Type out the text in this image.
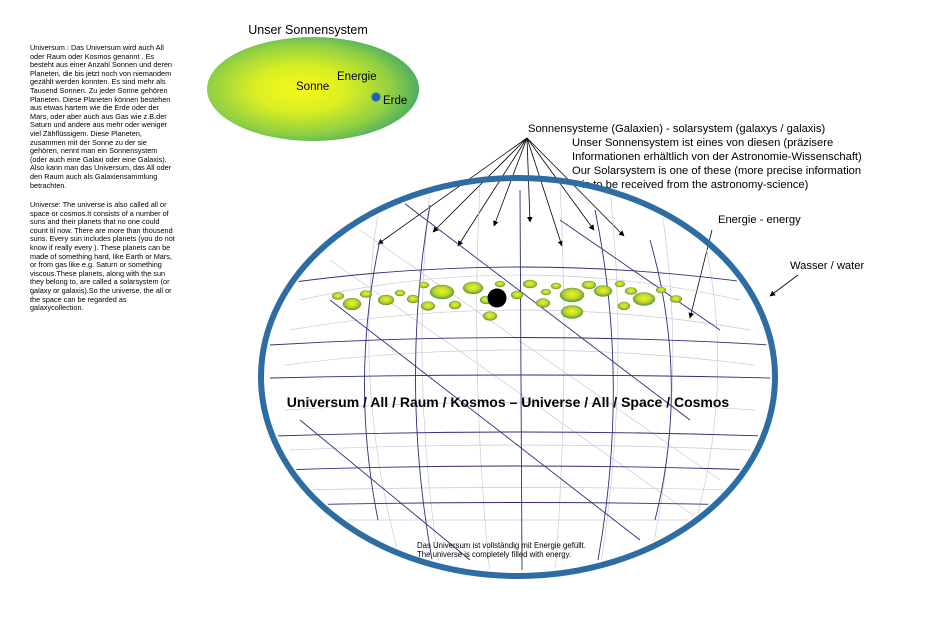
Universum : Das Universum wird auch All
oder Raum oder Kosmos genannt . Es
besteht aus einer Anzahl Sonnen und deren
Planeten, die bis jetzt noch von niemandem
gezählt werden konnten. Es sind mehr als
Tausend Sonnen. Zu jeder Sonne gehören
Planeten. Diese Planeten können bestehen
aus etwas hartem wie die Erde oder der
Mars, oder aber auch aus Gas wie z.B.der
Saturn und andere aus mehr oder weniger
viel Zähflüssigem. Diese Planeten,
zusammen mit der Sonne zu der sie
gehören, nennt man ein Sonnensystem
(oder auch eine Galaxi oder eine Galaxis).
Also kann man das Universum, das All oder
den Raum auch als Galaxiensammlung
betrachten.
Universe: The universe is also called all or
space or cosmos.It consists of a number of
suns and their planets that no one could
count til now. There are more than thousend
suns. Every sun includes planets (you do not
know if really every ). These planets can be
made of something hard, like Earth or Mars,
or from gas like e.g. Saturn or something
viscous.These planets, along with the sun
they belong to, are called a solarsystem (or
galaxy or galaxis).So the universe, the all or
the space can be regarded as
galaxycollection.
Unser Sonnensystem
Sonne
Energie
Erde
Sonnensysteme (Galaxien) - solarsystem (galaxys / galaxis)
Unser Sonnensystem ist eines von diesen (präzisere
Informationen erhältlich von der Astronomie-Wissenschaft)
Our Solarsystem is one of these (more precise information
is to be received from the astronomy-science)
Energie - energy
Wasser / water
Universum / All / Raum / Kosmos – Universe / All / Space / Cosmos
Das Universum ist vollständig mit Energie gefüllt.
The universe is completely filled with energy.
